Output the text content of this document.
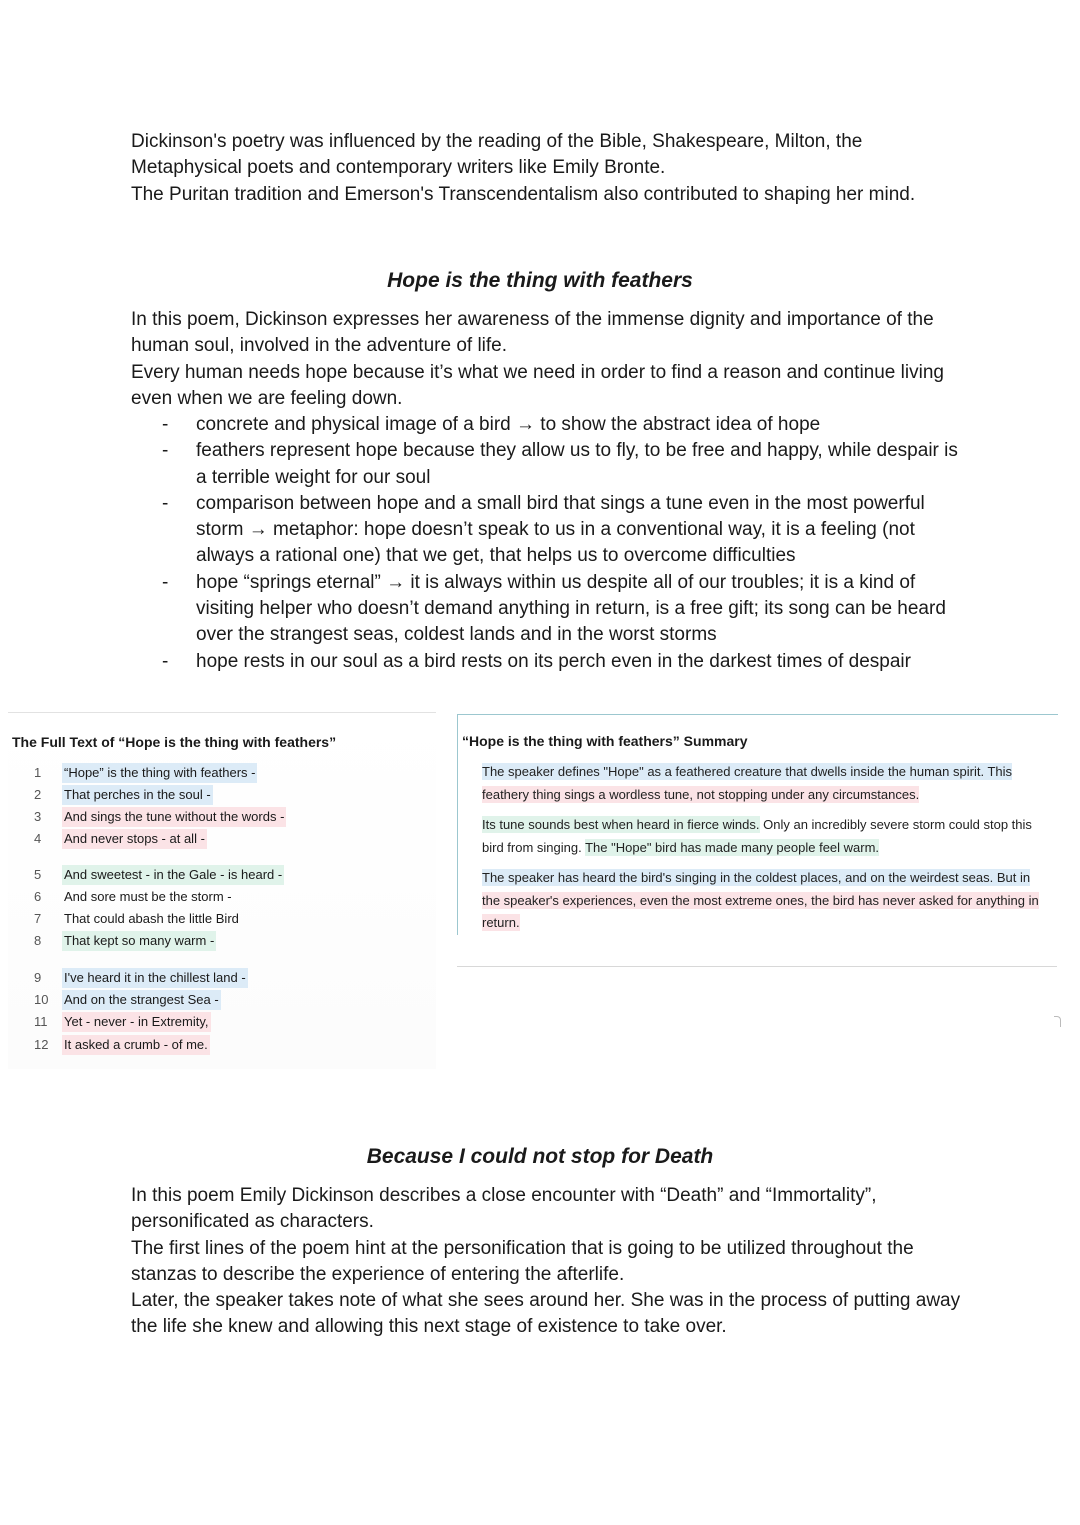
Dickinson's poetry was influenced by the reading of the Bible, Shakespeare, Milton, the Metaphysical poets and contemporary writers like Emily Bronte.

The Puritan tradition and Emerson's Transcendentalism also contributed to shaping her mind.

Hope is the thing with feathers

In this poem, Dickinson expresses her awareness of the immense dignity and importance of the human soul, involved in the adventure of life.

Every human needs hope because it’s what we need in order to find a reason and continue living even when we are feeling down.

- concrete and physical image of a bird → to show the abstract idea of hope
- feathers represent hope because they allow us to fly, to be free and happy, while despair is a terrible weight for our soul
- comparison between hope and a small bird that sings a tune even in the most powerful storm → metaphor: hope doesn’t speak to us in a conventional way, it is a feeling (not always a rational one) that we get, that helps us to overcome difficulties
- hope “springs eternal” → it is always within us despite all of our troubles; it is a kind of visiting helper who doesn’t demand anything in return, is a free gift; its song can be heard over the strangest seas, coldest lands and in the worst storms
- hope rests in our soul as a bird rests on its perch even in the darkest times of despair
The Full Text of “Hope is the thing with feathers”
1	“Hope” is the thing with feathers -
2	That perches in the soul -
3	And sings the tune without the words -
4	And never stops - at all -
5	And sweetest - in the Gale - is heard -
6	And sore must be the storm -
7	That could abash the little Bird
8	That kept so many warm -
9	I've heard it in the chillest land -
10	And on the strangest Sea -
11	Yet - never - in Extremity,
12	It asked a crumb - of me.
“Hope is the thing with feathers” Summary
The speaker defines "Hope" as a feathered creature that dwells inside the human spirit. This
feathery thing sings a wordless tune, not stopping under any circumstances.
Its tune sounds best when heard in fierce winds. Only an incredibly severe storm could stop this
bird from singing. The "Hope" bird has made many people feel warm.
The speaker has heard the bird's singing in the coldest places, and on the weirdest seas. But in
the speaker's experiences, even the most extreme ones, the bird has never asked for anything in
return.
Because I could not stop for Death

In this poem Emily Dickinson describes a close encounter with “Death” and “Immortality”, personificated as characters.

The first lines of the poem hint at the personification that is going to be utilized throughout the stanzas to describe the experience of entering the afterlife.

Later, the speaker takes note of what she sees around her. She was in the process of putting away the life she knew and allowing this next stage of existence to take over.
